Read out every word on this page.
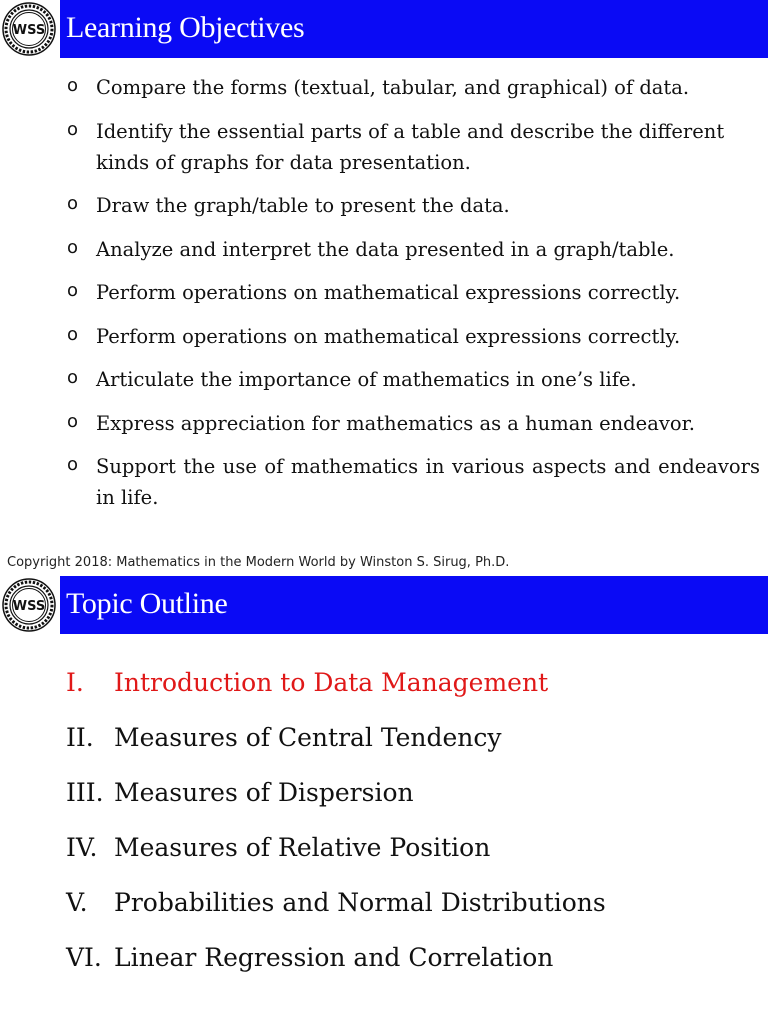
WSS Learning Objectives
o Compare the forms (textual, tabular, and graphical) of data.
o Identify the essential parts of a table and describe the different kinds of graphs for data presentation.
o Draw the graph/table to present the data.
o Analyze and interpret the data presented in a graph/table.
o Perform operations on mathematical expressions correctly.
o Perform operations on mathematical expressions correctly.
o Articulate the importance of mathematics in one’s life.
o Express appreciation for mathematics as a human endeavor.
o Support the use of mathematics in various aspects and endeavors in life.
Copyright 2018: Mathematics in the Modern World by Winston S. Sirug, Ph.D.
WSS Topic Outline
I. Introduction to Data Management
II. Measures of Central Tendency
III. Measures of Dispersion
IV. Measures of Relative Position
V. Probabilities and Normal Distributions
VI. Linear Regression and Correlation
